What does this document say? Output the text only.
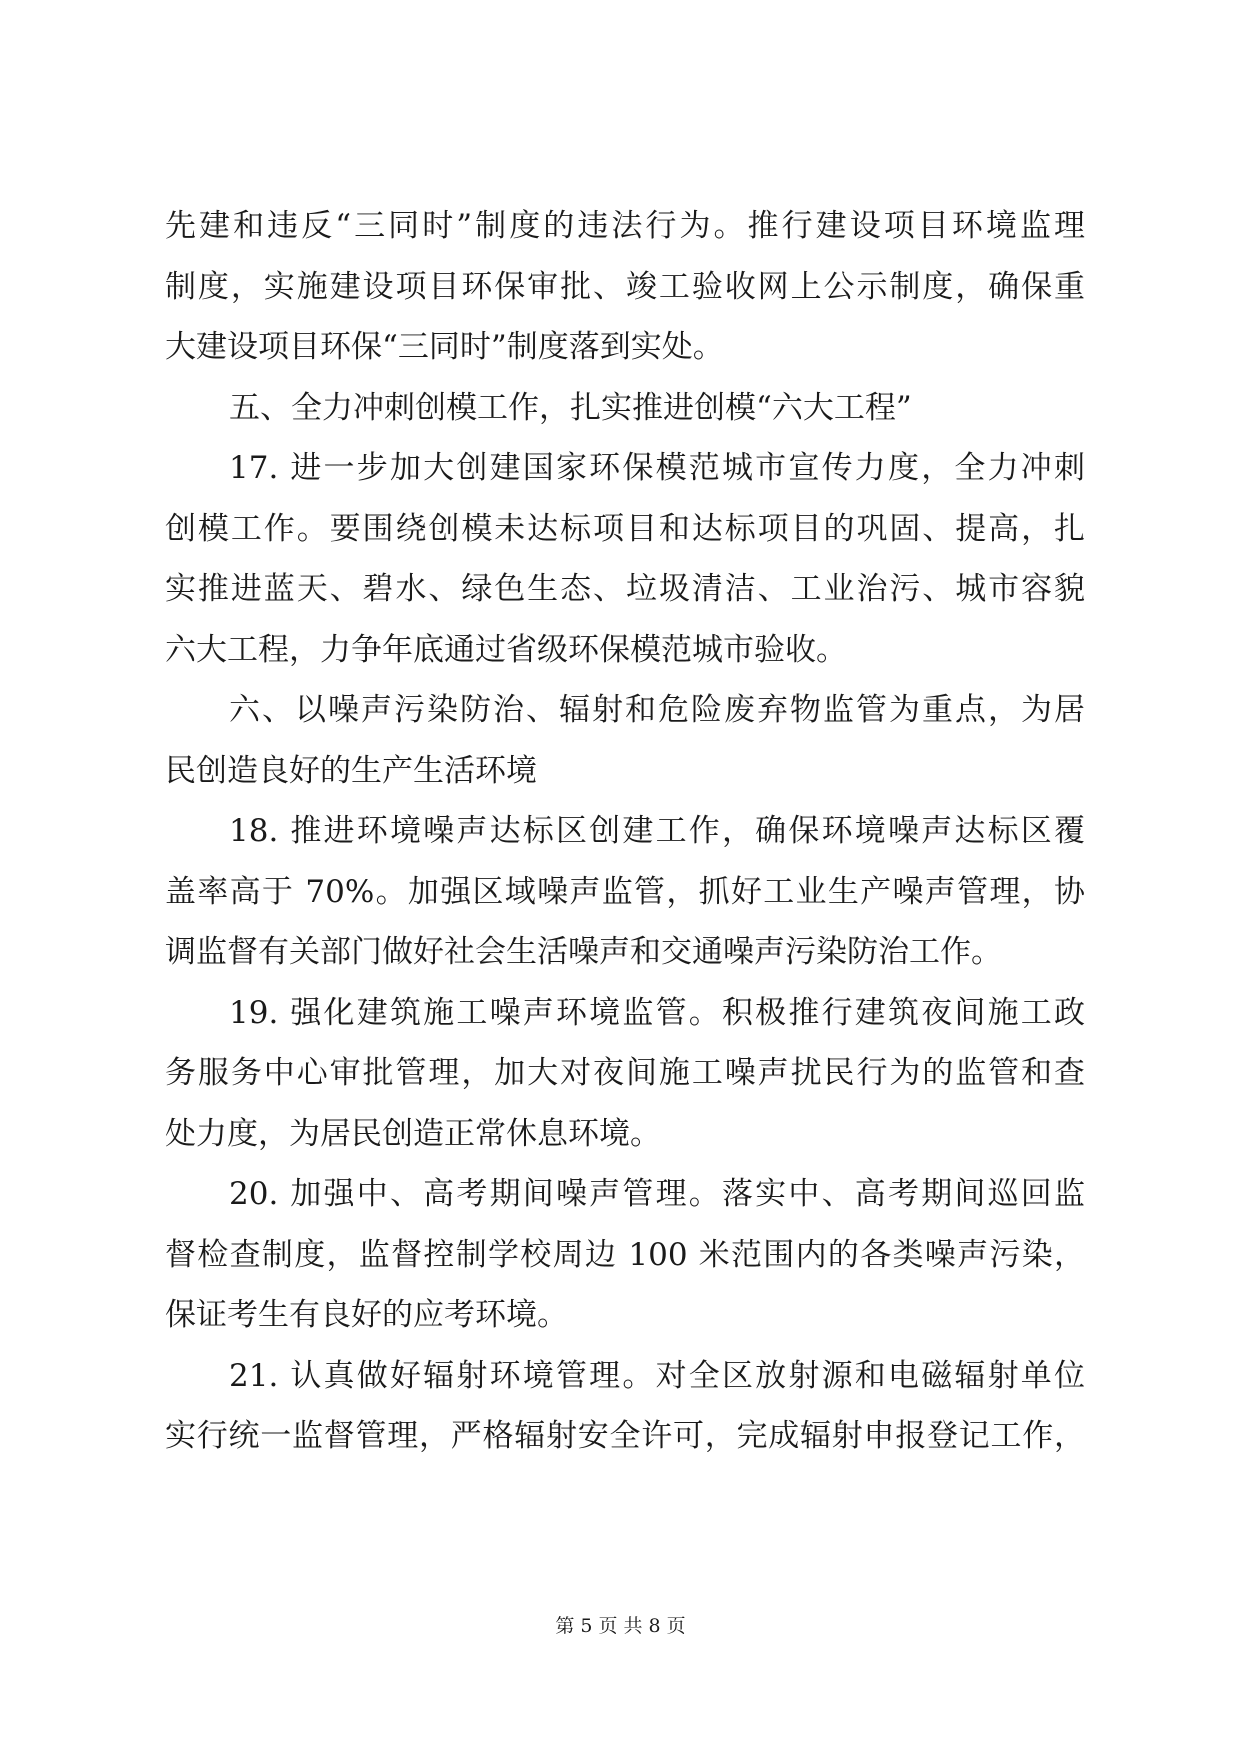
先建和违反“三同时”制度的违法行为。推行建设项目环境监理
制度，实施建设项目环保审批、竣工验收网上公示制度，确保重
大建设项目环保“三同时”制度落到实处。
五、全力冲刺创模工作，扎实推进创模“六大工程”
17. 进一步加大创建国家环保模范城市宣传力度，全力冲刺
创模工作。要围绕创模未达标项目和达标项目的巩固、提高，扎
实推进蓝天、碧水、绿色生态、垃圾清洁、工业治污、城市容貌
六大工程，力争年底通过省级环保模范城市验收。
六、以噪声污染防治、辐射和危险废弃物监管为重点，为居
民创造良好的生产生活环境
18. 推进环境噪声达标区创建工作，确保环境噪声达标区覆
盖率高于 70%。加强区域噪声监管，抓好工业生产噪声管理，协
调监督有关部门做好社会生活噪声和交通噪声污染防治工作。
19. 强化建筑施工噪声环境监管。积极推行建筑夜间施工政
务服务中心审批管理，加大对夜间施工噪声扰民行为的监管和查
处力度，为居民创造正常休息环境。
20. 加强中、高考期间噪声管理。落实中、高考期间巡回监
督检查制度，监督控制学校周边 100 米范围内的各类噪声污染，
保证考生有良好的应考环境。
21. 认真做好辐射环境管理。对全区放射源和电磁辐射单位
实行统一监督管理，严格辐射安全许可，完成辐射申报登记工作，
第 5 页 共 8 页
